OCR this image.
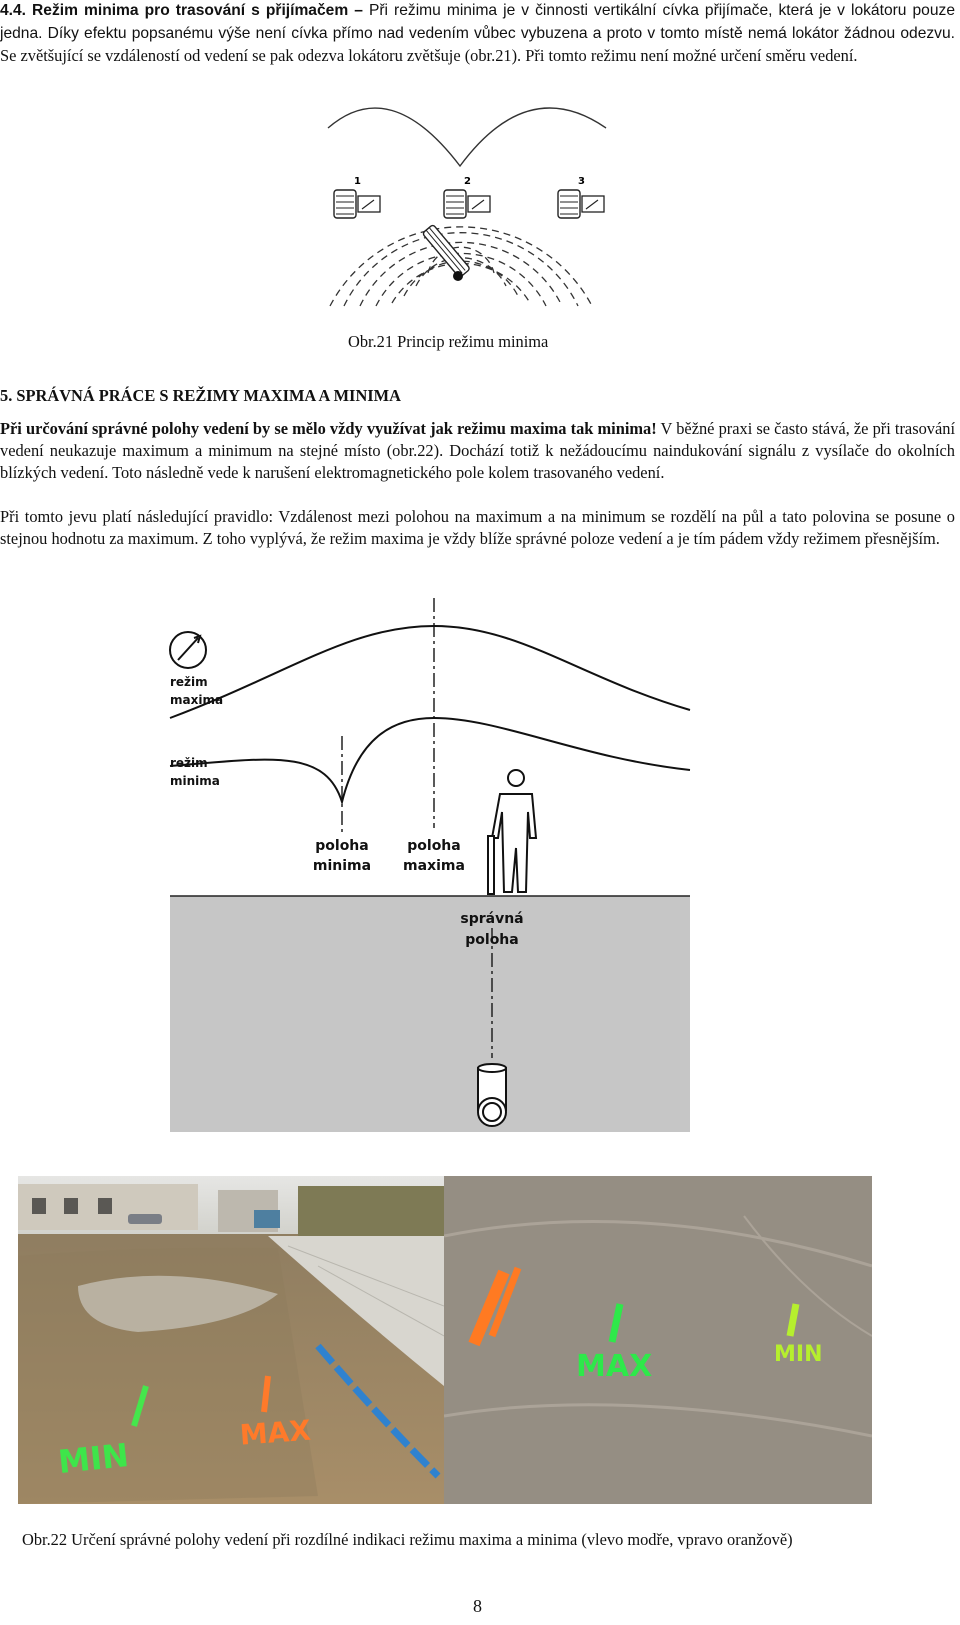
4.4. Režim minima pro trasování s přijímačem – Při režimu minima je v činnosti vertikální cívka přijímače, která je v lokátoru pouze jedna. Díky efektu popsanému výše není cívka přímo nad vedením vůbec vybuzena a proto v tomto místě nemá lokátor žádnou odezvu. Se zvětšující se vzdáleností od vedení se pak odezva lokátoru zvětšuje (obr.21). Při tomto režimu není možné určení směru vedení.

1	2	3
Obr.21 Princip režimu minima
5. SPRÁVNÁ PRÁCE S REŽIMY MAXIMA A MINIMA

Při určování správné polohy vedení by se mělo vždy využívat jak režimu maxima tak minima! V běžné praxi se často stává, že při trasování vedení neukazuje maximum a minimum na stejné místo (obr.22). Dochází totiž k nežádoucímu naindukování signálu z vysílače do okolních blízkých vedení. Toto následně vede k narušení elektromagnetického pole kolem trasovaného vedení.

Při tomto jevu platí následující pravidlo: Vzdálenost mezi polohou na maximum a na minimum se rozdělí na půl a tato polovina se posune o stejnou hodnotu za maximum. Z toho vyplývá, že režim maxima je vždy blíže správné poloze vedení a je tím pádem vždy režimem přesnějším.

režim
maxima
režim
minima
poloha
minima
poloha
maxima
správná
poloha
MIN
MAX
MAX	MIN
Obr.22 Určení správné polohy vedení při rozdílné indikaci režimu maxima a minima (vlevo modře, vpravo oranžově)
8
